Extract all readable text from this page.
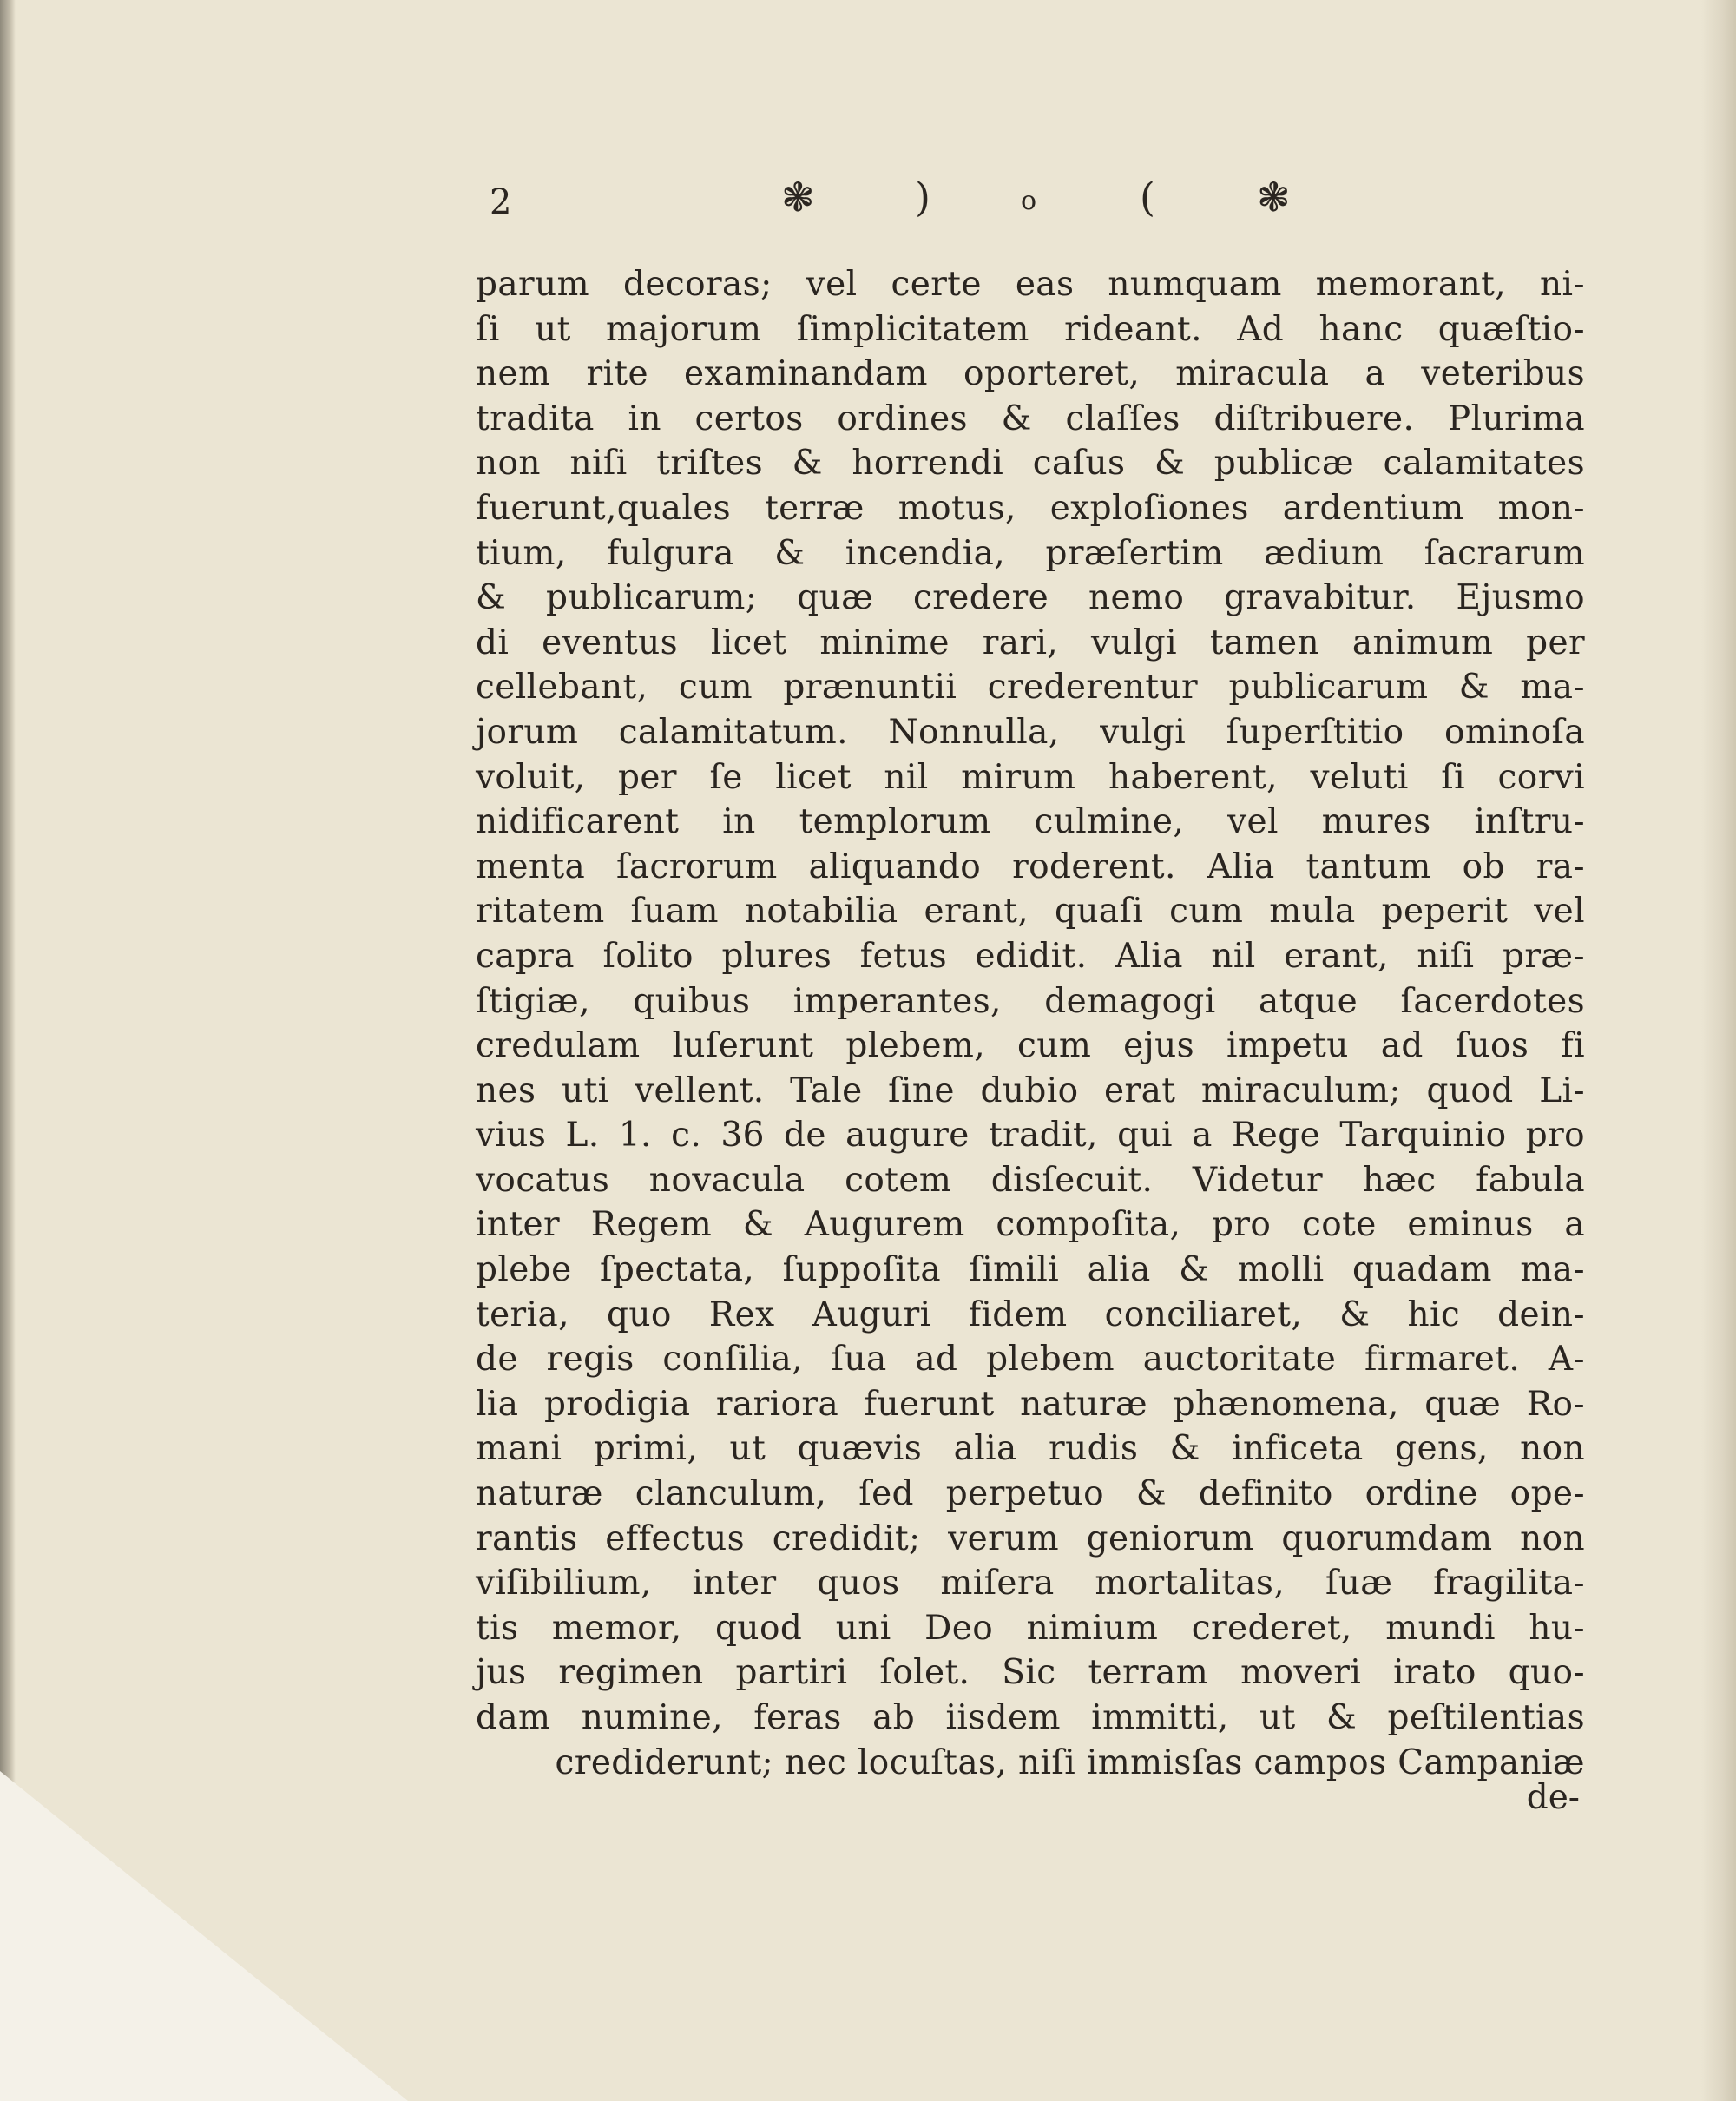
2	❃	)	o	(	❃
parum decoras; vel certe eas numquam memorant, ni-
ſi ut majorum ſimplicitatem rideant. Ad hanc quæſtio-
nem rite examinandam oporteret, miracula a veteribus
tradita in certos ordines & claſſes diſtribuere. Plurima
non niſi triſtes & horrendi caſus & publicæ calamitates
fuerunt,quales terræ motus, exploſiones ardentium mon-
tium, fulgura & incendia, præſertim ædium ſacrarum
& publicarum; quæ credere nemo gravabitur. Ejusmo
di eventus licet minime rari, vulgi tamen animum per
cellebant, cum prænuntii crederentur publicarum & ma-
jorum calamitatum. Nonnulla, vulgi ſuperſtitio ominoſa
voluit, per ſe licet nil mirum haberent, veluti ſi corvi
nidificarent in templorum culmine, vel mures inſtru-
menta ſacrorum aliquando roderent. Alia tantum ob ra-
ritatem ſuam notabilia erant, quaſi cum mula peperit vel
capra ſolito plures fetus edidit. Alia nil erant, niſi præ-
ſtigiæ, quibus imperantes, demagogi atque ſacerdotes
credulam luſerunt plebem, cum ejus impetu ad ſuos fi
nes uti vellent. Tale ſine dubio erat miraculum; quod Li-
vius L. 1. c. 36 de augure tradit, qui a Rege Tarquinio pro
vocatus novacula cotem disſecuit. Videtur hæc fabula
inter Regem & Augurem compoſita, pro cote eminus a
plebe ſpectata, ſuppoſita ſimili alia & molli quadam ma-
teria, quo Rex Auguri fidem conciliaret, & hic dein-
de regis conſilia, ſua ad plebem auctoritate firmaret. A-
lia prodigia rariora fuerunt naturæ phænomena, quæ Ro-
mani primi, ut quævis alia rudis & inficeta gens, non
naturæ clanculum, ſed perpetuo & definito ordine ope-
rantis effectus credidit; verum geniorum quorumdam non
viſibilium, inter quos miſera mortalitas, ſuæ fragilita-
tis memor, quod uni Deo nimium crederet, mundi hu-
jus regimen partiri ſolet. Sic terram moveri irato quo-
dam numine, feras ab iisdem immitti, ut & peſtilentias
crediderunt; nec locuſtas, niſi immisſas campos Campaniæ
de-
